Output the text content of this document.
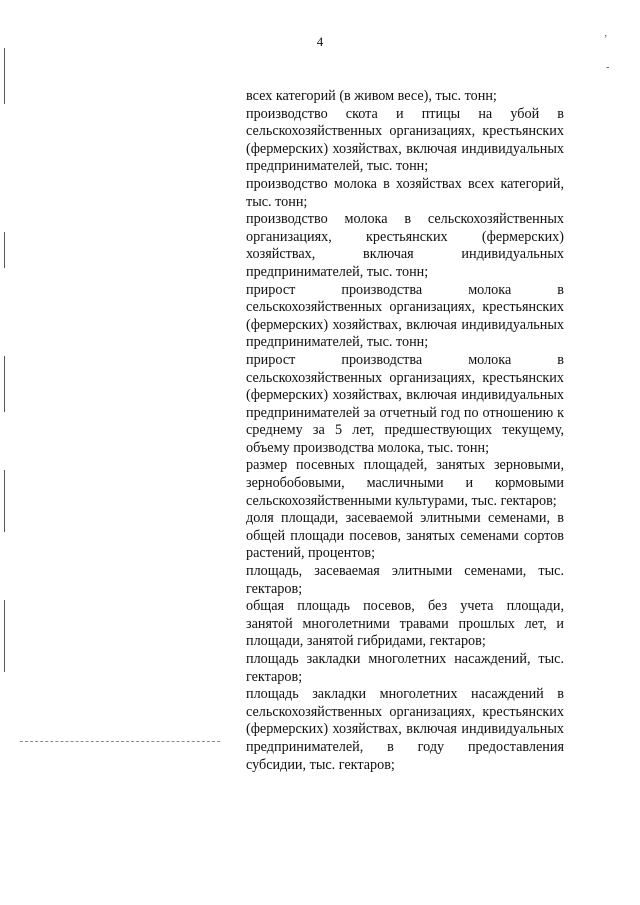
‚
‐
4

всех категорий (в живом весе), тыс. тонн;

производство скота и птицы на убой в сельскохозяйственных организациях, крестьянских (фермерских) хозяйствах, включая индивидуальных предпринимателей, тыс. тонн;

производство молока в хозяйствах всех категорий, тыс. тонн;

производство молока в сельскохозяйственных организациях, крестьянских (фермерских) хозяйствах, включая индивидуальных предпринимателей, тыс. тонн;

прирост производства молока в сельскохозяйственных организациях, крестьянских (фермерских) хозяйствах, включая индивидуальных предпринимателей, тыс. тонн;

прирост производства молока в сельскохозяйственных организациях, крестьянских (фермерских) хозяйствах, включая индивидуальных предпринимателей за отчетный год по отношению к среднему за 5 лет, предшествующих текущему, объему производства молока, тыс. тонн;

размер посевных площадей, занятых зерновыми, зернобобовыми, масличными и кормовыми сельскохозяйственными культурами, тыс. гектаров;

доля площади, засеваемой элитными семенами, в общей площади посевов, занятых семенами сортов растений, процентов;

площадь, засеваемая элитными семенами, тыс. гектаров;

общая площадь посевов, без учета площади, занятой многолетними травами прошлых лет, и площади, занятой гибридами, гектаров;

площадь закладки многолетних насаждений, тыс. гектаров;

площадь закладки многолетних насаждений в сельскохозяйственных организациях, крестьянских (фермерских) хозяйствах, включая индивидуальных предпринимателей, в году предоставления субсидии, тыс. гектаров;
